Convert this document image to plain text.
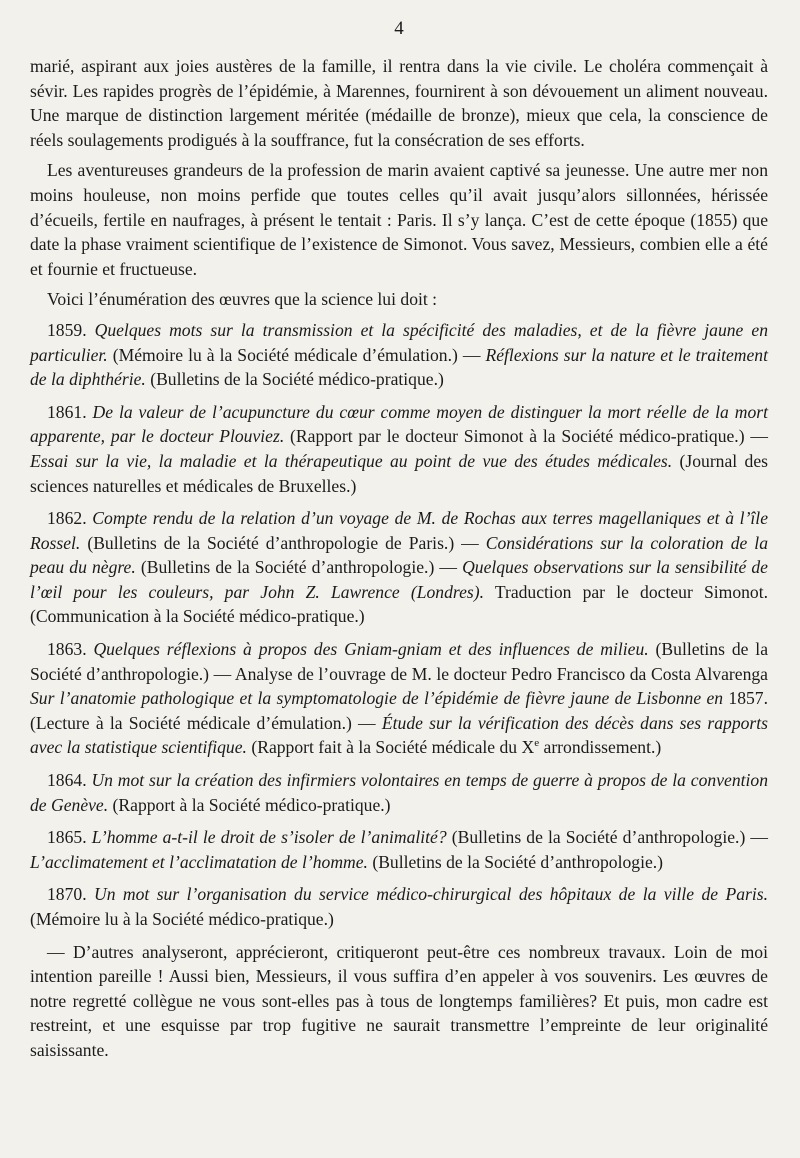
4

marié, aspirant aux joies austères de la famille, il rentra dans la vie civile. Le choléra commençait à sévir. Les rapides progrès de l’épidémie, à Marennes, fournirent à son dévouement un aliment nouveau. Une marque de distinction largement méritée (médaille de bronze), mieux que cela, la conscience de réels soulagements prodigués à la souffrance, fut la consécration de ses efforts.

Les aventureuses grandeurs de la profession de marin avaient captivé sa jeunesse. Une autre mer non moins houleuse, non moins perfide que toutes celles qu’il avait jusqu’alors sillonnées, hérissée d’écueils, fertile en naufrages, à présent le tentait : Paris. Il s’y lança. C’est de cette époque (1855) que date la phase vraiment scientifique de l’existence de Simonot. Vous savez, Messieurs, combien elle a été et fournie et fructueuse.

Voici l’énumération des œuvres que la science lui doit :

1859. Quelques mots sur la transmission et la spécificité des maladies, et de la fièvre jaune en particulier. (Mémoire lu à la Société médicale d’émulation.) — Réflexions sur la nature et le traitement de la diphthérie. (Bulletins de la Société médico-pratique.)

1861. De la valeur de l’acupuncture du cœur comme moyen de distinguer la mort réelle de la mort apparente, par le docteur Plouviez. (Rapport par le docteur Simonot à la Société médico-pratique.) — Essai sur la vie, la maladie et la thérapeutique au point de vue des études médicales. (Journal des sciences naturelles et médicales de Bruxelles.)

1862. Compte rendu de la relation d’un voyage de M. de Rochas aux terres magellaniques et à l’île Rossel. (Bulletins de la Société d’anthropologie de Paris.) — Considérations sur la coloration de la peau du nègre. (Bulletins de la Société d’anthropologie.) — Quelques observations sur la sensibilité de l’œil pour les couleurs, par John Z. Lawrence (Londres). Traduction par le docteur Simonot. (Communication à la Société médico-pratique.)

1863. Quelques réflexions à propos des Gniam-gniam et des influences de milieu. (Bulletins de la Société d’anthropologie.) — Analyse de l’ouvrage de M. le docteur Pedro Francisco da Costa Alvarenga Sur l’anatomie pathologique et la symptomatologie de l’épidémie de fièvre jaune de Lisbonne en 1857. (Lecture à la Société médicale d’émulation.) — Étude sur la vérification des décès dans ses rapports avec la statistique scientifique. (Rapport fait à la Société médicale du Xe arrondissement.)

1864. Un mot sur la création des infirmiers volontaires en temps de guerre à propos de la convention de Genève. (Rapport à la Société médico-pratique.)

1865. L’homme a-t-il le droit de s’isoler de l’animalité? (Bulletins de la Société d’anthropologie.) — L’acclimatement et l’acclimatation de l’homme. (Bulletins de la Société d’anthropologie.)

1870. Un mot sur l’organisation du service médico-chirurgical des hôpitaux de la ville de Paris. (Mémoire lu à la Société médico-pratique.)

— D’autres analyseront, apprécieront, critiqueront peut-être ces nombreux travaux. Loin de moi intention pareille ! Aussi bien, Messieurs, il vous suffira d’en appeler à vos souvenirs. Les œuvres de notre regretté collègue ne vous sont-elles pas à tous de longtemps familières? Et puis, mon cadre est restreint, et une esquisse par trop fugitive ne saurait transmettre l’empreinte de leur originalité saisissante.
